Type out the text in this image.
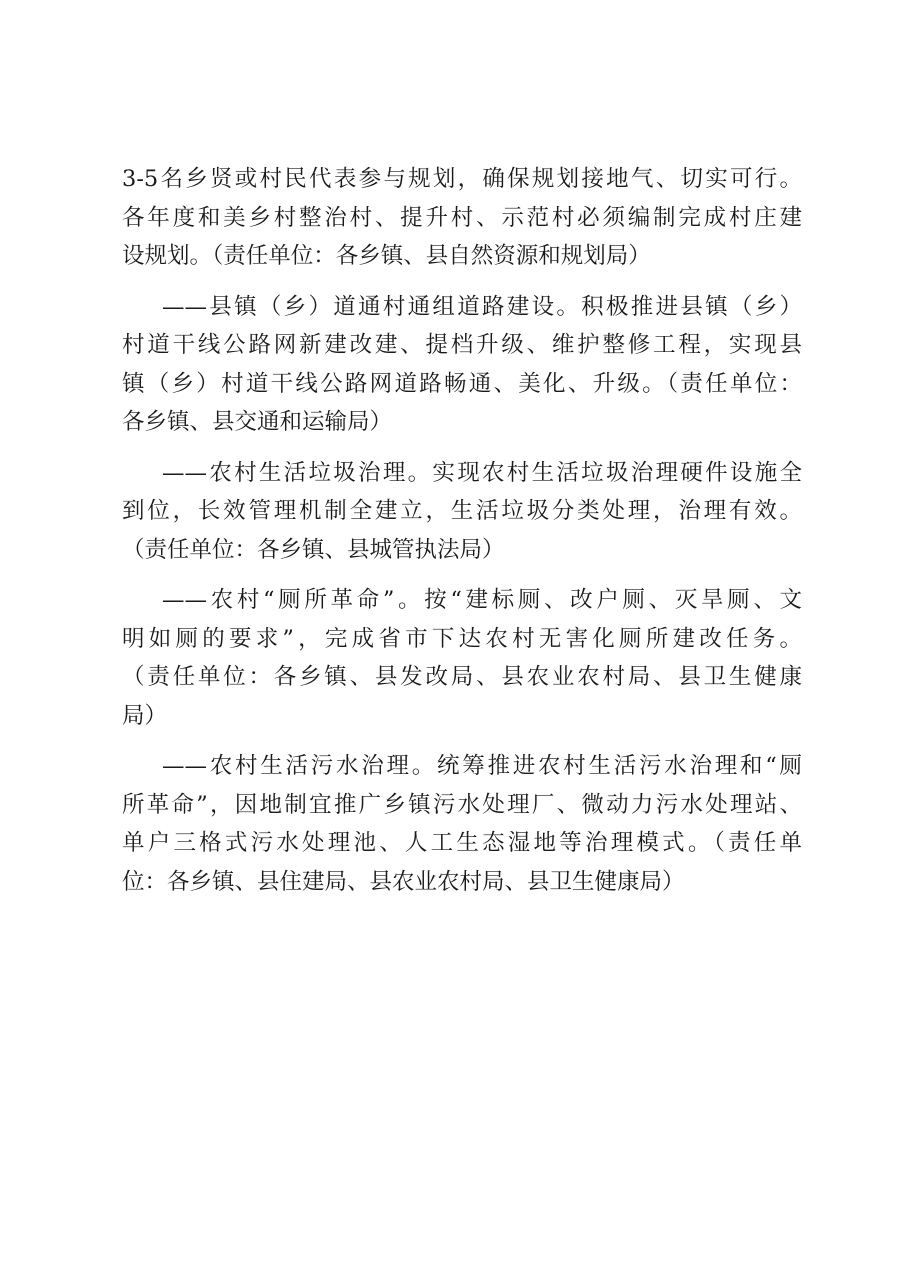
3-5名乡贤或村民代表参与规划，确保规划接地气、切实可行。
各年度和美乡村整治村、提升村、示范村必须编制完成村庄建
设规划。（责任单位：各乡镇、县自然资源和规划局）
——县镇（乡）道通村通组道路建设。积极推进县镇（乡）
村道干线公路网新建改建、提档升级、维护整修工程，实现县
镇（乡）村道干线公路网道路畅通、美化、升级。（责任单位：
各乡镇、县交通和运输局）
——农村生活垃圾治理。实现农村生活垃圾治理硬件设施全
到位，长效管理机制全建立，生活垃圾分类处理，治理有效。
（责任单位：各乡镇、县城管执法局）
——农村“厕所革命”。按“建标厕、改户厕、灭旱厕、文
明如厕的要求”，完成省市下达农村无害化厕所建改任务。
（责任单位：各乡镇、县发改局、县农业农村局、县卫生健康
局）
——农村生活污水治理。统筹推进农村生活污水治理和“厕
所革命”，因地制宜推广乡镇污水处理厂、微动力污水处理站、
单户三格式污水处理池、人工生态湿地等治理模式。（责任单
位：各乡镇、县住建局、县农业农村局、县卫生健康局）
